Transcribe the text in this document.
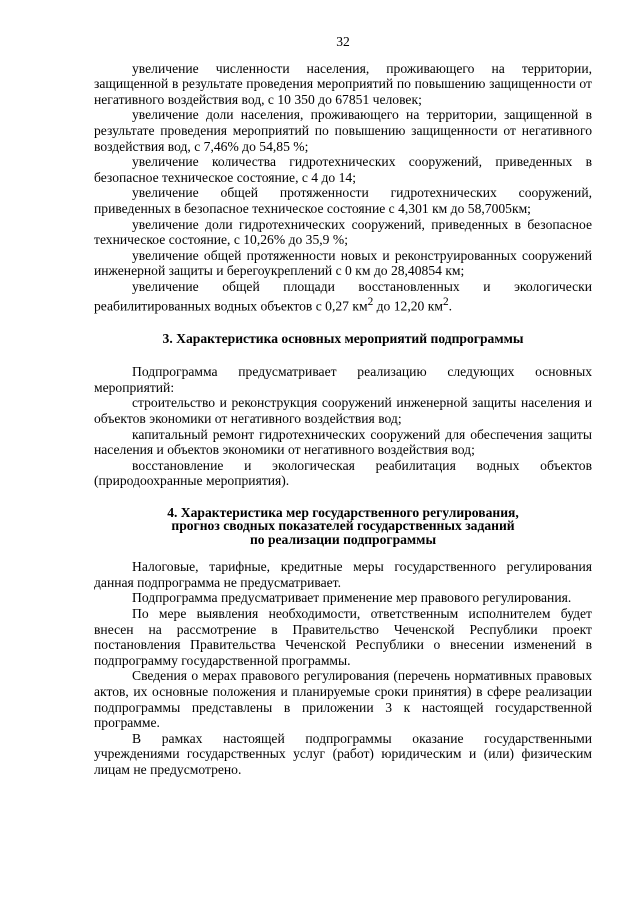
32

увеличение численности населения, проживающего на территории, защищенной в результате проведения мероприятий по повышению защищенности от негативного воздействия вод, с 10 350 до 67851 человек;

увеличение доли населения, проживающего на территории, защищенной в результате проведения мероприятий по повышению защищенности от негативного воздействия вод, с 7,46% до 54,85 %;

увеличение количества гидротехнических сооружений, приведенных в безопасное техническое состояние, с 4 до 14;

увеличение общей протяженности гидротехнических сооружений, приведенных в безопасное техническое состояние с 4,301 км до 58,7005км;

увеличение доли гидротехнических сооружений, приведенных в безопасное техническое состояние, с 10,26% до 35,9 %;

увеличение общей протяженности новых и реконструированных сооружений инженерной защиты и берегоукреплений с 0 км до 28,40854 км;

увеличение общей площади восстановленных и экологически реабилитированных водных объектов с 0,27 $км^2$ до 12,20 $км^2$.

3. Характеристика основных мероприятий подпрограммы

Подпрограмма предусматривает реализацию следующих основных мероприятий:

строительство и реконструкция сооружений инженерной защиты населения и объектов экономики от негативного воздействия вод;

капитальный ремонт гидротехнических сооружений для обеспечения защиты населения и объектов экономики от негативного воздействия вод;

восстановление и экологическая реабилитация водных объектов (природоохранные мероприятия).

4. Характеристика мер государственного регулирования,
прогноз сводных показателей государственных заданий
по реализации подпрограммы

Налоговые, тарифные, кредитные меры государственного регулирования данная подпрограмма не предусматривает.

Подпрограмма предусматривает применение мер правового регулирования.

По мере выявления необходимости, ответственным исполнителем будет внесен на рассмотрение в Правительство Чеченской Республики проект постановления Правительства Чеченской Республики о внесении изменений в подпрограмму государственной программы.

Сведения о мерах правового регулирования (перечень нормативных правовых актов, их основные положения и планируемые сроки принятия) в сфере реализации подпрограммы представлены в приложении 3 к настоящей государственной программе.

В рамках настоящей подпрограммы оказание государственными учреждениями государственных услуг (работ) юридическим и (или) физическим лицам не предусмотрено.
